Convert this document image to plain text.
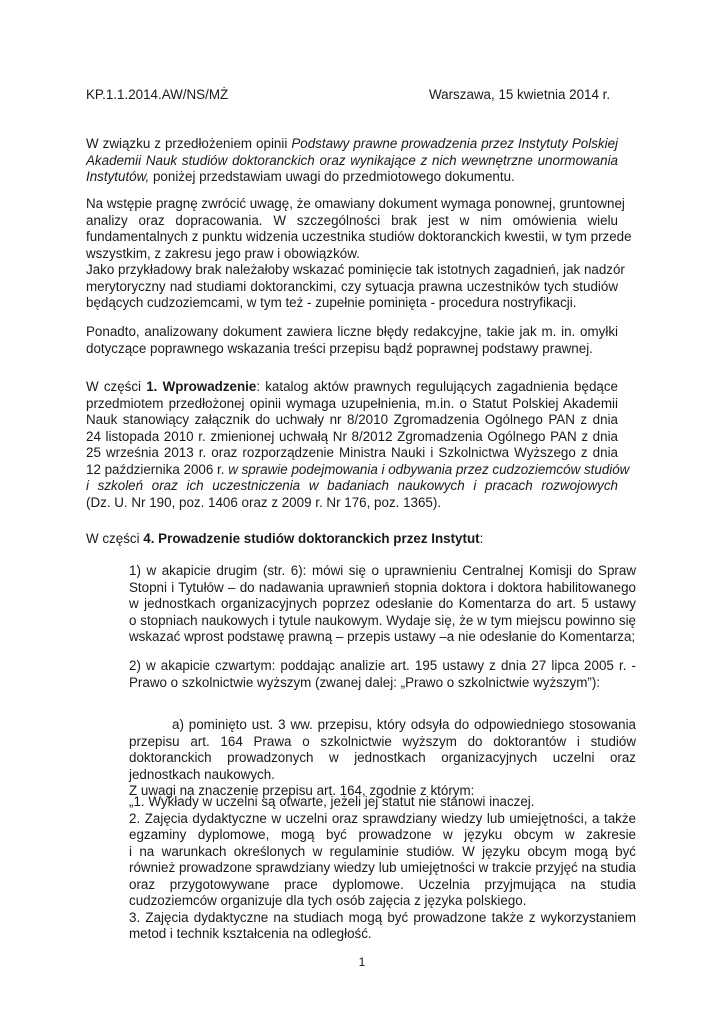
KP.1.1.2014.AW/NS/MŻ	Warszawa, 15 kwietnia 2014 r.
W związku z przedłożeniem opinii Podstawy prawne prowadzenia przez Instytuty Polskiej
Akademii Nauk studiów doktoranckich oraz wynikające z nich wewnętrzne unormowania
Instytutów, poniżej przedstawiam uwagi do przedmiotowego dokumentu.
Na wstępie pragnę zwrócić uwagę, że omawiany dokument wymaga ponownej, gruntownej
analizy oraz dopracowania. W szczególności brak jest w nim omówienia wielu
fundamentalnych z punktu widzenia uczestnika studiów doktoranckich kwestii, w tym przede
wszystkim, z zakresu jego praw i obowiązków.
Jako przykładowy brak należałoby wskazać pominięcie tak istotnych zagadnień, jak nadzór
merytoryczny nad studiami doktoranckimi, czy sytuacja prawna uczestników tych studiów
będących cudzoziemcami, w tym też - zupełnie pominięta - procedura nostryfikacji.
Ponadto, analizowany dokument zawiera liczne błędy redakcyjne, takie jak m. in. omyłki
dotyczące poprawnego wskazania treści przepisu bądź poprawnej podstawy prawnej.
W części 1. Wprowadzenie: katalog aktów prawnych regulujących zagadnienia będące
przedmiotem przedłożonej opinii wymaga uzupełnienia, m.in. o Statut Polskiej Akademii
Nauk stanowiący załącznik do uchwały nr 8/2010 Zgromadzenia Ogólnego PAN z dnia
24 listopada 2010 r. zmienionej uchwałą Nr 8/2012 Zgromadzenia Ogólnego PAN z dnia
25 września 2013 r. oraz rozporządzenie Ministra Nauki i Szkolnictwa Wyższego z dnia
12 października 2006 r. w sprawie podejmowania i odbywania przez cudzoziemców studiów
i szkoleń oraz ich uczestniczenia w badaniach naukowych i pracach rozwojowych
(Dz. U. Nr 190, poz. 1406 oraz z 2009 r. Nr 176, poz. 1365).
W części 4. Prowadzenie studiów doktoranckich przez Instytut:
1) w akapicie drugim (str. 6): mówi się o uprawnieniu Centralnej Komisji do Spraw
Stopni i Tytułów – do nadawania uprawnień stopnia doktora i doktora habilitowanego
w jednostkach organizacyjnych poprzez odesłanie do Komentarza do art. 5 ustawy
o stopniach naukowych i tytule naukowym. Wydaje się, że w tym miejscu powinno się
wskazać wprost podstawę prawną – przepis ustawy –a nie odesłanie do Komentarza;
2) w akapicie czwartym: poddając analizie art. 195 ustawy z dnia 27 lipca 2005 r. -
Prawo o szkolnictwie wyższym (zwanej dalej: „Prawo o szkolnictwie wyższym”):
a) pominięto ust. 3 ww. przepisu, który odsyła do odpowiedniego stosowania
przepisu art. 164 Prawa o szkolnictwie wyższym do doktorantów i studiów
doktoranckich prowadzonych w jednostkach organizacyjnych uczelni oraz
jednostkach naukowych.
Z uwagi na znaczenie przepisu art. 164, zgodnie z którym:
„1. Wykłady w uczelni są otwarte, jeżeli jej statut nie stanowi inaczej.
2. Zajęcia dydaktyczne w uczelni oraz sprawdziany wiedzy lub umiejętności, a także
egzaminy dyplomowe, mogą być prowadzone w języku obcym w zakresie
i na warunkach określonych w regulaminie studiów. W języku obcym mogą być
również prowadzone sprawdziany wiedzy lub umiejętności w trakcie przyjęć na studia
oraz przygotowywane prace dyplomowe. Uczelnia przyjmująca na studia
cudzoziemców organizuje dla tych osób zajęcia z języka polskiego.
3. Zajęcia dydaktyczne na studiach mogą być prowadzone także z wykorzystaniem
metod i technik kształcenia na odległość.
1
